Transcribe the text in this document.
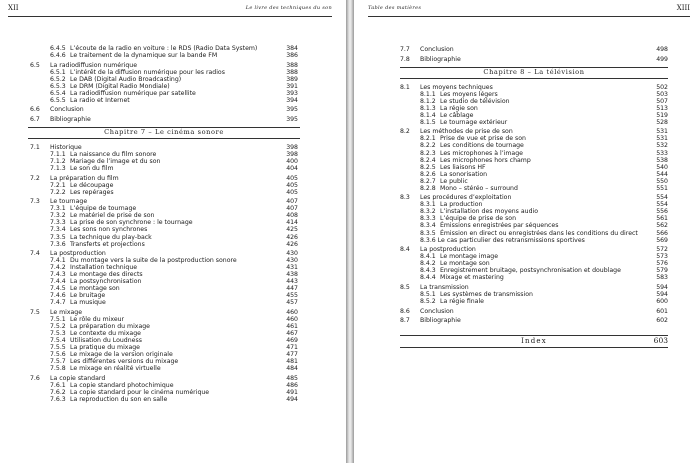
XII	Le livre des techniques du son
6.4.5 L’écoute de la radio en voiture : le RDS (Radio Data System)	384
6.4.6 Le traitement de la dynamique sur la bande FM	386
6.5 La radiodiffusion numérique	388
6.5.1 L’intérêt de la diffusion numérique pour les radios	388
6.5.2 Le DAB (Digital Audio Broadcasting)	389
6.5.3 Le DRM (Digital Radio Mondiale)	391
6.5.4 La radiodiffusion numérique par satellite	393
6.5.5 La radio et Internet	394
6.6 Conclusion	395
6.7 Bibliographie	395
Chapitre 7 – Le cinéma sonore
7.1 Historique	398
7.1.1 La naissance du film sonore	398
7.1.2 Mariage de l’image et du son	400
7.1.3 Le son du film	404
7.2 La préparation du film	405
7.2.1 Le découpage	405
7.2.2 Les repérages	405
7.3 Le tournage	407
7.3.1 L’équipe de tournage	407
7.3.2 Le matériel de prise de son	408
7.3.3 La prise de son synchrone : le tournage	414
7.3.4 Les sons non synchrones	425
7.3.5 La technique du play-back	426
7.3.6 Transferts et projections	426
7.4 La postproduction	430
7.4.1 Du montage vers la suite de la postproduction sonore	430
7.4.2 Installation technique	431
7.4.3 Le montage des directs	438
7.4.4 La postsynchronisation	443
7.4.5 Le montage son	447
7.4.6 Le bruitage	455
7.4.7 La musique	457
7.5 Le mixage	460
7.5.1 Le rôle du mixeur	460
7.5.2 La préparation du mixage	461
7.5.3 Le contexte du mixage	467
7.5.4 Utilisation du Loudness	469
7.5.5 La pratique du mixage	471
7.5.6 Le mixage de la version originale	477
7.5.7 Les différentes versions du mixage	481
7.5.8 Le mixage en réalité virtuelle	484
7.6 La copie standard	485
7.6.1 La copie standard photochimique	486
7.6.2 La copie standard pour le cinéma numérique	491
7.6.3 La reproduction du son en salle	494
Table des matières	XIII
7.7 Conclusion	498
7.8 Bibliographie	499
Chapitre 8 – La télévision
8.1 Les moyens techniques	502
8.1.1 Les moyens légers	503
8.1.2 Le studio de télévision	507
8.1.3 La régie son	513
8.1.4 Le câblage	519
8.1.5 Le tournage extérieur	528
8.2 Les méthodes de prise de son	531
8.2.1 Prise de vue et prise de son	531
8.2.2 Les conditions de tournage	532
8.2.3 Les microphones à l’image	533
8.2.4 Les microphones hors champ	538
8.2.5 Les liaisons HF	540
8.2.6 La sonorisation	544
8.2.7 Le public	550
8.2.8 Mono – stéréo – surround	551
8.3 Les procédures d’exploitation	554
8.3.1 La production	554
8.3.2 L’installation des moyens audio	556
8.3.3 L’équipe de prise de son	561
8.3.4 Émissions enregistrées par séquences	562
8.3.5 Émission en direct ou enregistrées dans les conditions du direct	566
8.3.6 Le cas particulier des retransmissions sportives	569
8.4 La postproduction	572
8.4.1 Le montage image	573
8.4.2 Le montage son	576
8.4.3 Enregistrement bruitage, postsynchronisation et doublage	579
8.4.4 Mixage et mastering	583
8.5 La transmission	594
8.5.1 Les systèmes de transmission	594
8.5.2 La régie finale	600
8.6 Conclusion	601
8.7 Bibliographie	602
Index	603
